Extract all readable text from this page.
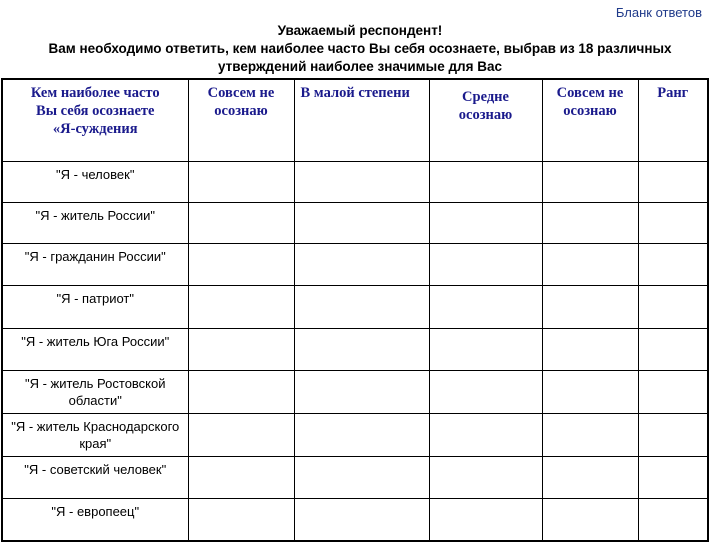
Бланк ответов
Уважаемый респондент!
Вам необходимо ответить, кем наиболее часто Вы себя осознаете, выбрав из 18 различных
утверждений наиболее значимые для Вас
Кем наиболее часто Вы себя осознаете «Я-суждения	Совсем не осознаю	В малой степени	Средне осознаю	Совсем не осознаю	Ранг
"Я - человек"					
"Я - житель России"					
"Я - гражданин России"					
"Я - патриот"					
"Я - житель Юга России"					
"Я - житель Ростовской области"					
"Я - житель Краснодарского края"					
"Я - советский человек"					
"Я - европеец"					
